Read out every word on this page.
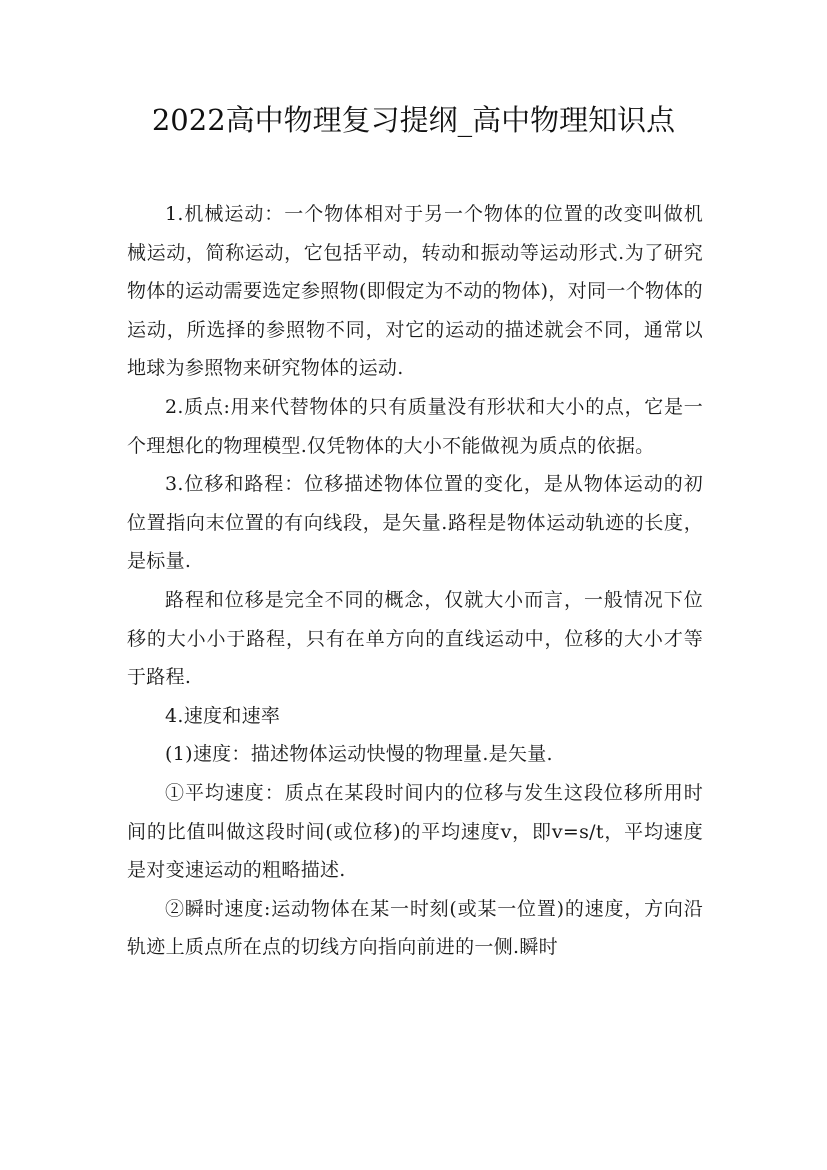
2022高中物理复习提纲_高中物理知识点

1.机械运动：一个物体相对于另一个物体的位置的改变叫做机械运动，简称运动，它包括平动，转动和振动等运动形式.为了研究物体的运动需要选定参照物(即假定为不动的物体)，对同一个物体的运动，所选择的参照物不同，对它的运动的描述就会不同，通常以地球为参照物来研究物体的运动.

2.质点:用来代替物体的只有质量没有形状和大小的点，它是一个理想化的物理模型.仅凭物体的大小不能做视为质点的依据。

3.位移和路程：位移描述物体位置的变化，是从物体运动的初位置指向末位置的有向线段，是矢量.路程是物体运动轨迹的长度，是标量.

路程和位移是完全不同的概念，仅就大小而言，一般情况下位移的大小小于路程，只有在单方向的直线运动中，位移的大小才等于路程.

4.速度和速率

(1)速度：描述物体运动快慢的物理量.是矢量.

①平均速度：质点在某段时间内的位移与发生这段位移所用时间的比值叫做这段时间(或位移)的平均速度v，即v=s/t，平均速度是对变速运动的粗略描述.

②瞬时速度:运动物体在某一时刻(或某一位置)的速度，方向沿轨迹上质点所在点的切线方向指向前进的一侧.瞬时
